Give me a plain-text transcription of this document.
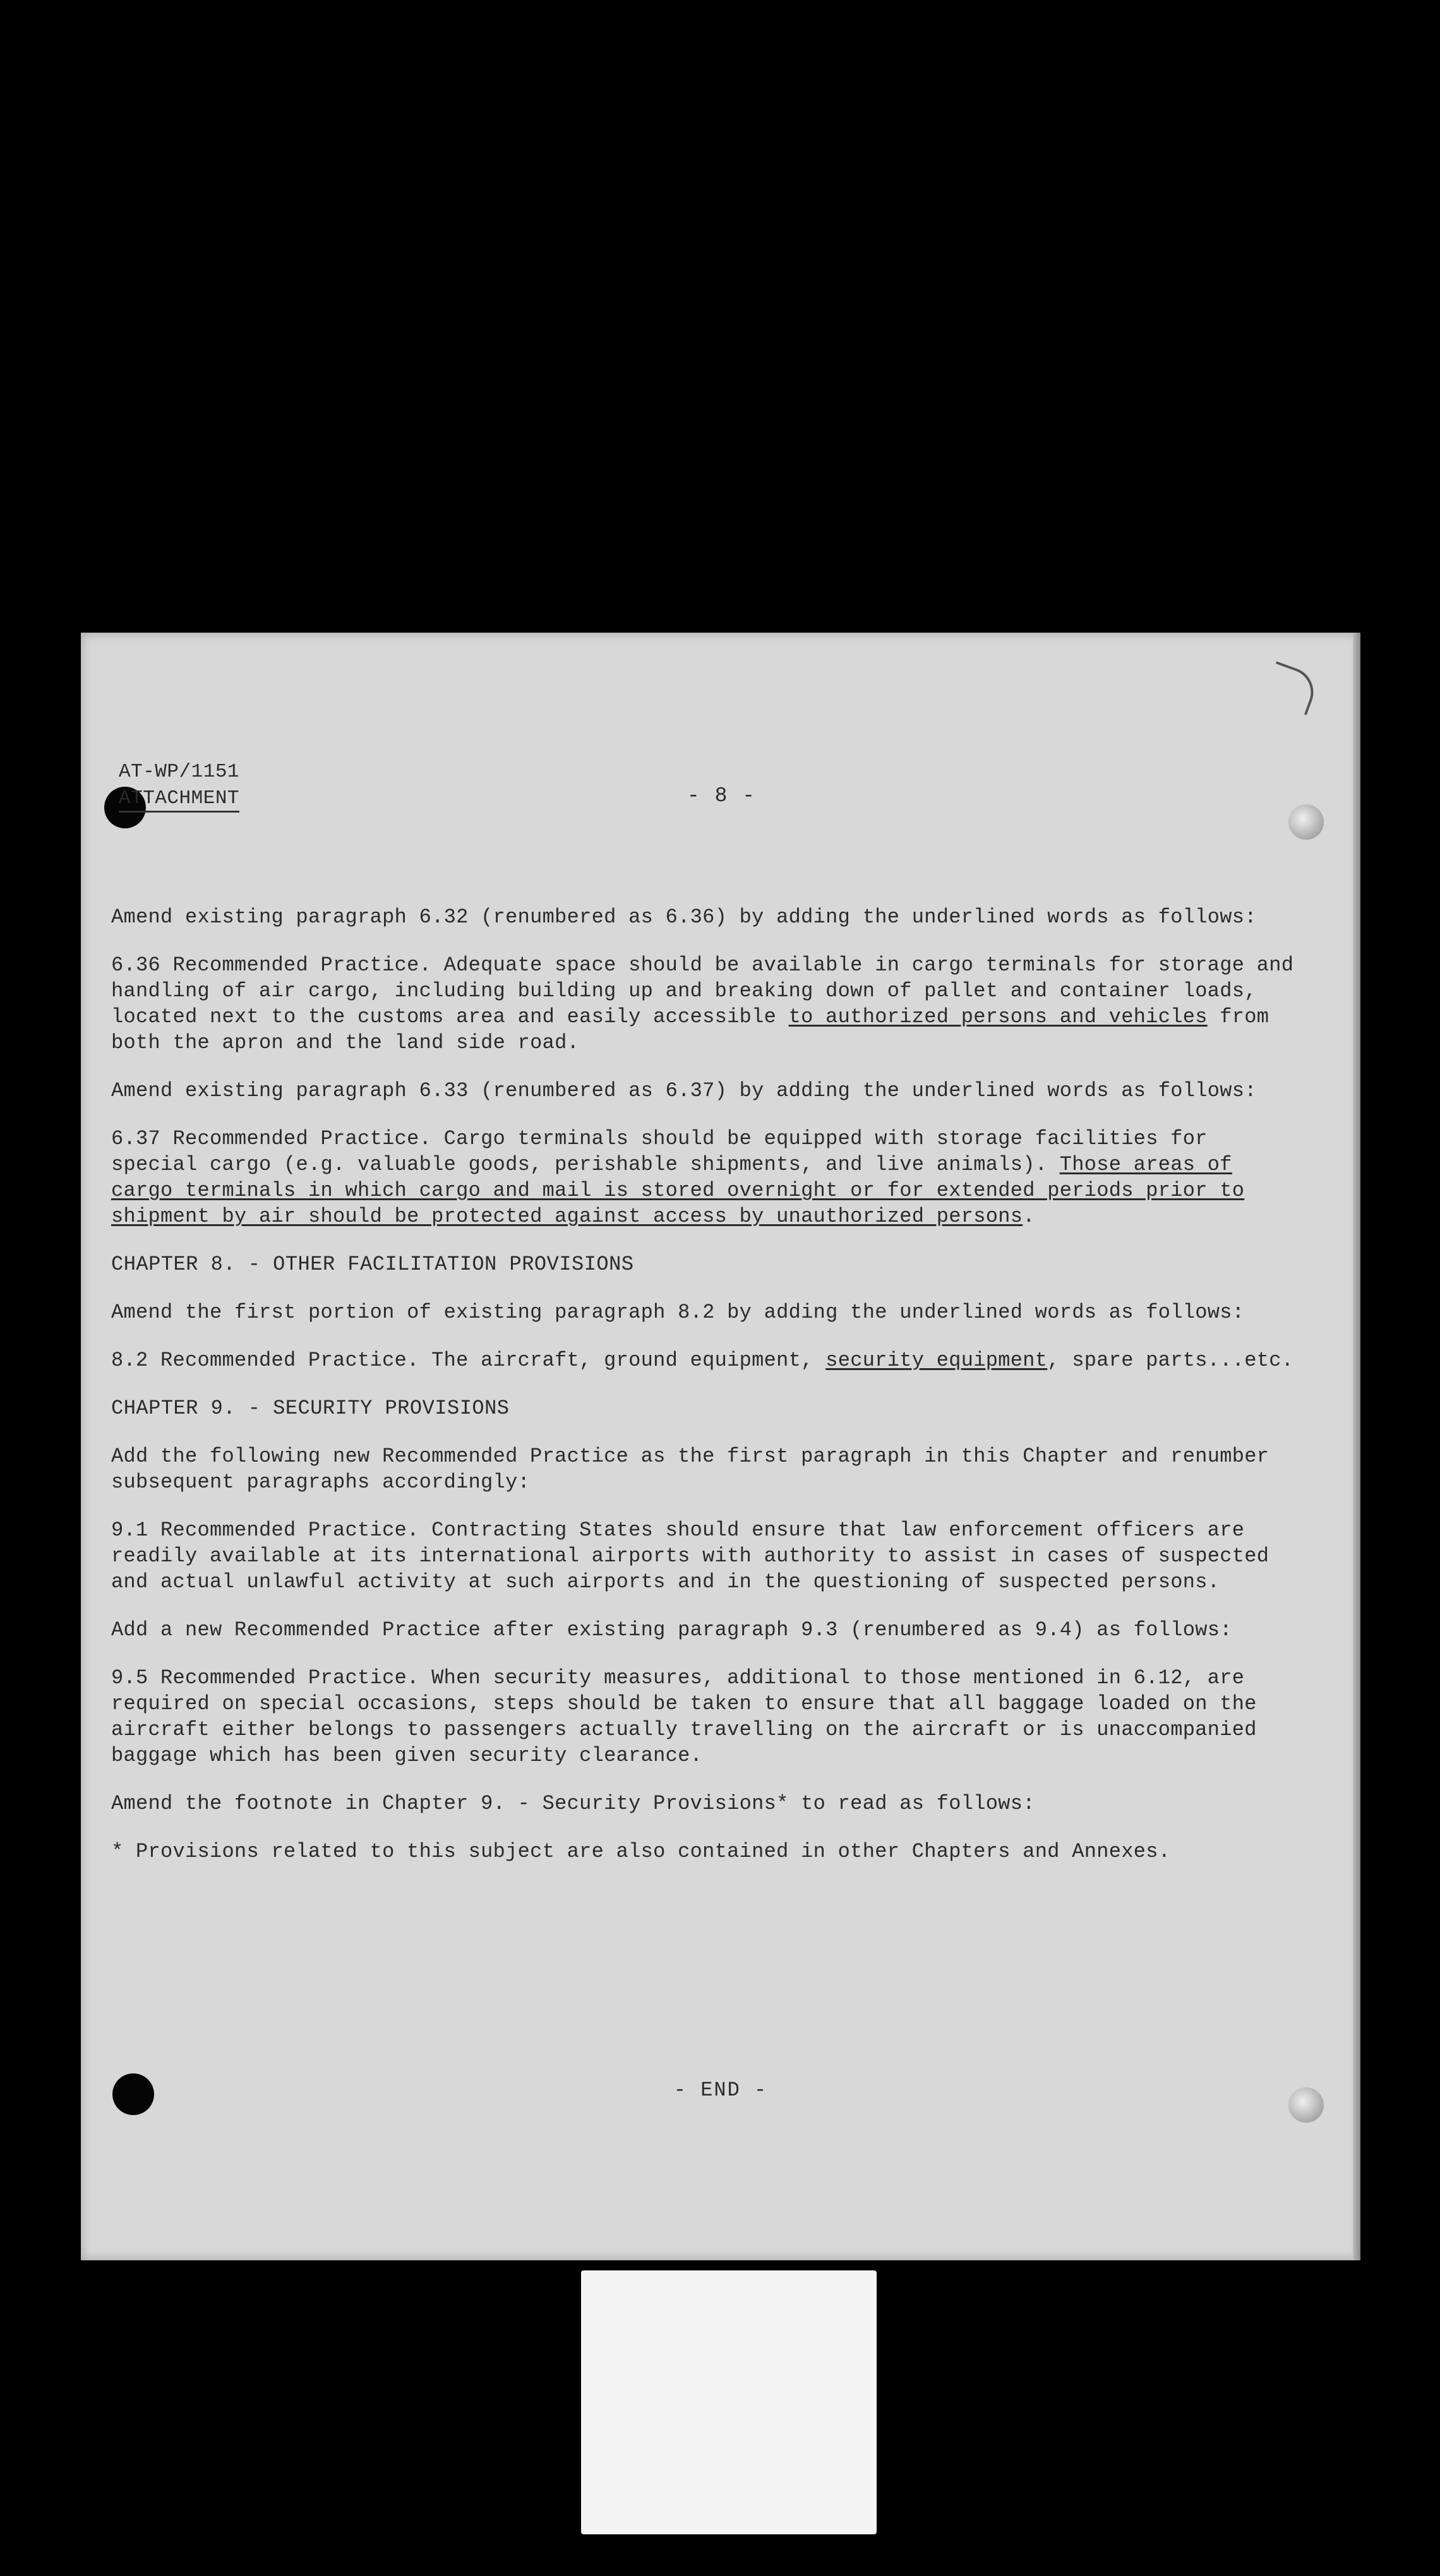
AT-WP/1151
ATTACHMENT	- 8 -

Amend existing paragraph 6.32 (renumbered as 6.36) by adding the underlined words as follows:

6.36 Recommended Practice. Adequate space should be available in cargo terminals for storage and handling of air cargo, including building up and breaking down of pallet and container loads, located next to the customs area and easily accessible to authorized persons and vehicles from both the apron and the land side road.

Amend existing paragraph 6.33 (renumbered as 6.37) by adding the underlined words as follows:

6.37 Recommended Practice. Cargo terminals should be equipped with storage facilities for special cargo (e.g. valuable goods, perishable shipments, and live animals). Those areas of cargo terminals in which cargo and mail is stored overnight or for extended periods prior to shipment by air should be protected against access by unauthorized persons.

CHAPTER 8. - OTHER FACILITATION PROVISIONS

Amend the first portion of existing paragraph 8.2 by adding the underlined words as follows:

8.2 Recommended Practice. The aircraft, ground equipment, security equipment, spare parts...etc.

CHAPTER 9. - SECURITY PROVISIONS

Add the following new Recommended Practice as the first paragraph in this Chapter and renumber subsequent paragraphs accordingly:

9.1 Recommended Practice. Contracting States should ensure that law enforcement officers are readily available at its international airports with authority to assist in cases of suspected and actual unlawful activity at such airports and in the questioning of suspected persons.

Add a new Recommended Practice after existing paragraph 9.3 (renumbered as 9.4) as follows:

9.5 Recommended Practice. When security measures, additional to those mentioned in 6.12, are required on special occasions, steps should be taken to ensure that all baggage loaded on the aircraft either belongs to passengers actually travelling on the aircraft or is unaccompanied baggage which has been given security clearance.

Amend the footnote in Chapter 9. - Security Provisions* to read as follows:

* Provisions related to this subject are also contained in other Chapters and Annexes.

- END -
